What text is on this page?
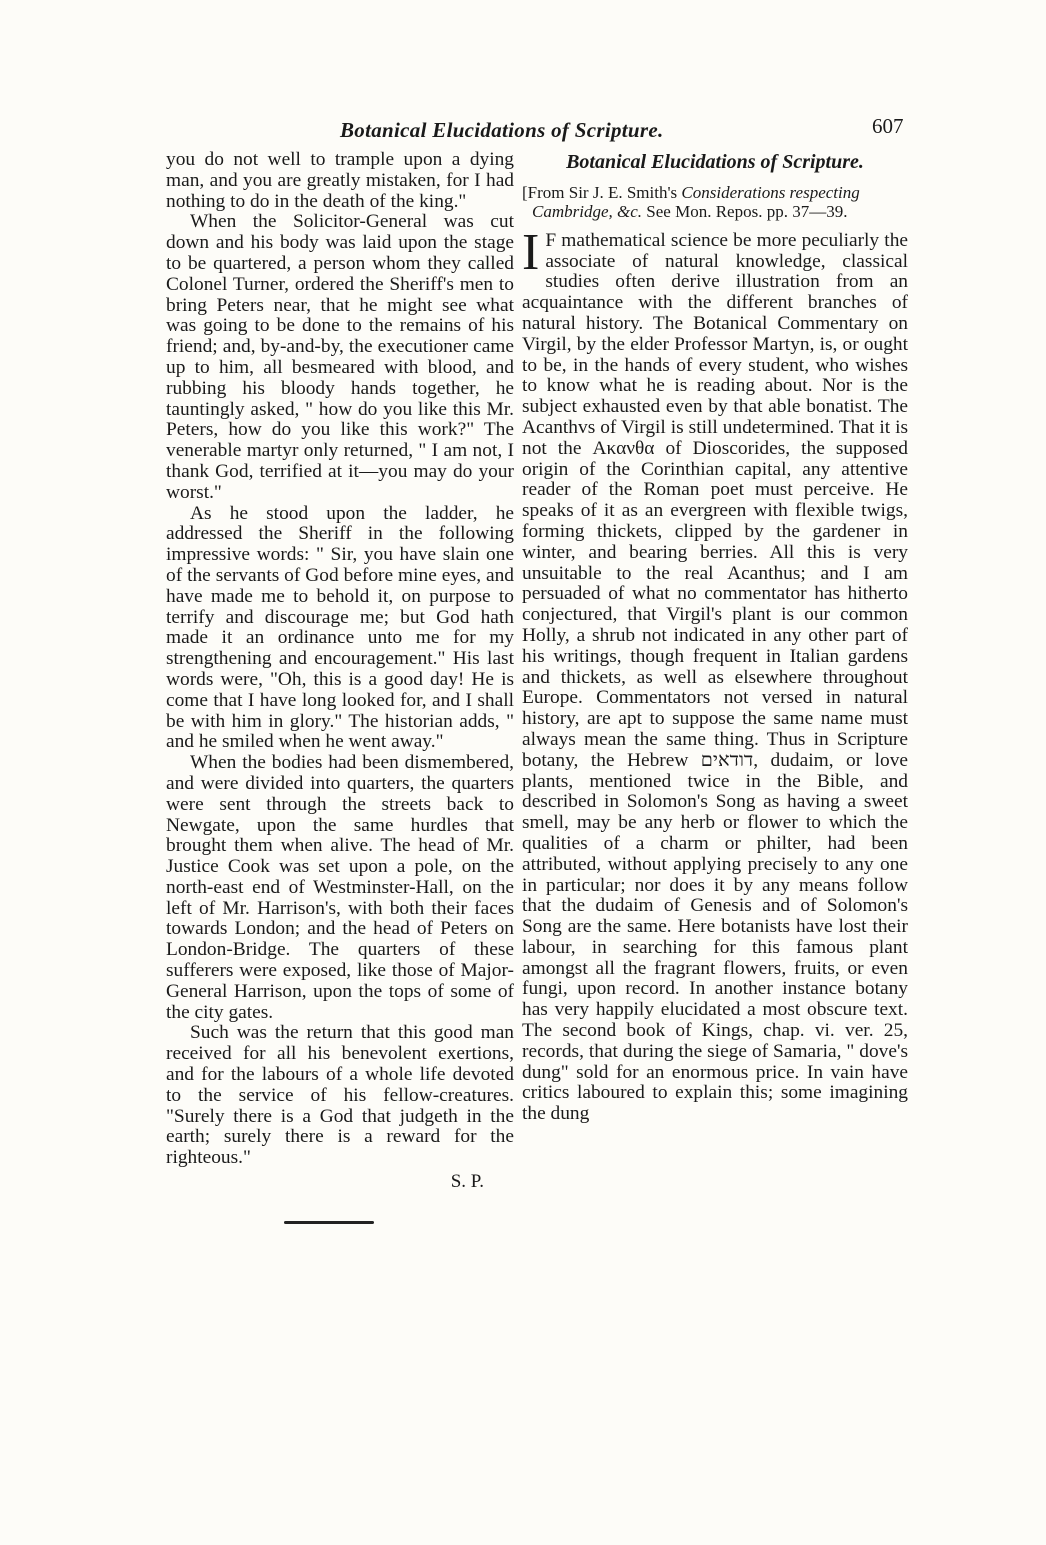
Botanical Elucidations of Scripture.	607

you do not well to trample upon a dying man, and you are greatly mistaken, for I had nothing to do in the death of the king."

When the Solicitor-General was cut down and his body was laid upon the stage to be quartered, a person whom they called Colonel Turner, ordered the Sheriff's men to bring Peters near, that he might see what was going to be done to the remains of his friend; and, by-and-by, the executioner came up to him, all besmeared with blood, and rubbing his bloody hands together, he tauntingly asked, " how do you like this Mr. Peters, how do you like this work?" The venerable martyr only returned, " I am not, I thank God, terrified at it—you may do your worst."

As he stood upon the ladder, he addressed the Sheriff in the following impressive words: " Sir, you have slain one of the servants of God before mine eyes, and have made me to behold it, on purpose to terrify and discourage me; but God hath made it an ordinance unto me for my strengthening and encouragement." His last words were, "Oh, this is a good day! He is come that I have long looked for, and I shall be with him in glory." The historian adds, " and he smiled when he went away."

When the bodies had been dismembered, and were divided into quarters, the quarters were sent through the streets back to Newgate, upon the same hurdles that brought them when alive. The head of Mr. Justice Cook was set upon a pole, on the north-east end of Westminster-Hall, on the left of Mr. Harrison's, with both their faces towards London; and the head of Peters on London-Bridge. The quarters of these sufferers were exposed, like those of Major-General Harrison, upon the tops of some of the city gates.

Such was the return that this good man received for all his benevolent exertions, and for the labours of a whole life devoted to the service of his fellow-creatures. "Surely there is a God that judgeth in the earth; surely there is a reward for the righteous."

S. P.
Botanical Elucidations of Scripture.
[From Sir J. E. Smith's Considerations respecting Cambridge, &c. See Mon. Repos. pp. 37—39.

I F mathematical science be more peculiarly the associate of natural knowledge, classical studies often derive illustration from an acquaintance with the different branches of natural history. The Botanical Commentary on Virgil, by the elder Professor Martyn, is, or ought to be, in the hands of every student, who wishes to know what he is reading about. Nor is the subject exhausted even by that able bonatist. The Acanthvs of Virgil is still undetermined. That it is not the Ακανθα of Dioscorides, the supposed origin of the Corinthian capital, any attentive reader of the Roman poet must perceive. He speaks of it as an evergreen with flexible twigs, forming thickets, clipped by the gardener in winter, and bearing berries. All this is very unsuitable to the real Acanthus; and I am persuaded of what no commentator has hitherto conjectured, that Virgil's plant is our common Holly, a shrub not indicated in any other part of his writings, though frequent in Italian gardens and thickets, as well as elsewhere throughout Europe. Commentators not versed in natural history, are apt to suppose the same name must always mean the same thing. Thus in Scripture botany, the Hebrew דודאים, dudaim, or love plants, mentioned twice in the Bible, and described in Solomon's Song as having a sweet smell, may be any herb or flower to which the qualities of a charm or philter, had been attributed, without applying precisely to any one in particular; nor does it by any means follow that the dudaim of Genesis and of Solomon's Song are the same. Here botanists have lost their labour, in searching for this famous plant amongst all the fragrant flowers, fruits, or even fungi, upon record. In another instance botany has very happily elucidated a most obscure text. The second book of Kings, chap. vi. ver. 25, records, that during the siege of Samaria, " dove's dung" sold for an enormous price. In vain have critics laboured to explain this; some imagining the dung
